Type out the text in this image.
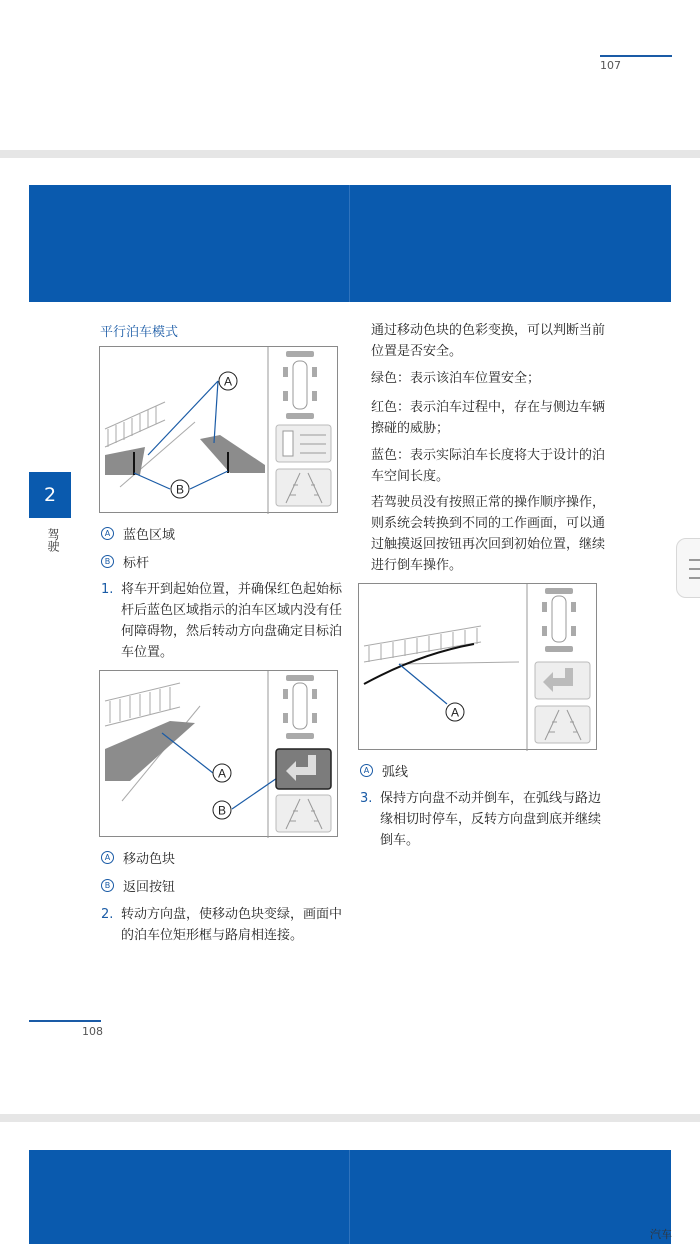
107
2
驾驶
平行泊车模式
A
B
A 蓝色区域
B 标杆
1. 将车开到起始位置，并确保红色起始标
杆后蓝色区域指示的泊车区域内没有任
何障碍物，然后转动方向盘确定目标泊
车位置。
A
B
A 移动色块
B 返回按钮
2. 转动方向盘，使移动色块变绿，画面中
的泊车位矩形框与路肩相连接。
通过移动色块的色彩变换，可以判断当前
位置是否安全。
绿色：表示该泊车位置安全；
红色：表示泊车过程中，存在与侧边车辆
擦碰的威胁；
蓝色：表示实际泊车长度将大于设计的泊
车空间长度。
若驾驶员没有按照正常的操作顺序操作，
则系统会转换到不同的工作画面，可以通
过触摸返回按钮再次回到初始位置，继续
进行倒车操作。
A
A 弧线
3. 保持方向盘不动并倒车，在弧线与路边
缘相切时停车，反转方向盘到底并继续
倒车。
108
汽车
